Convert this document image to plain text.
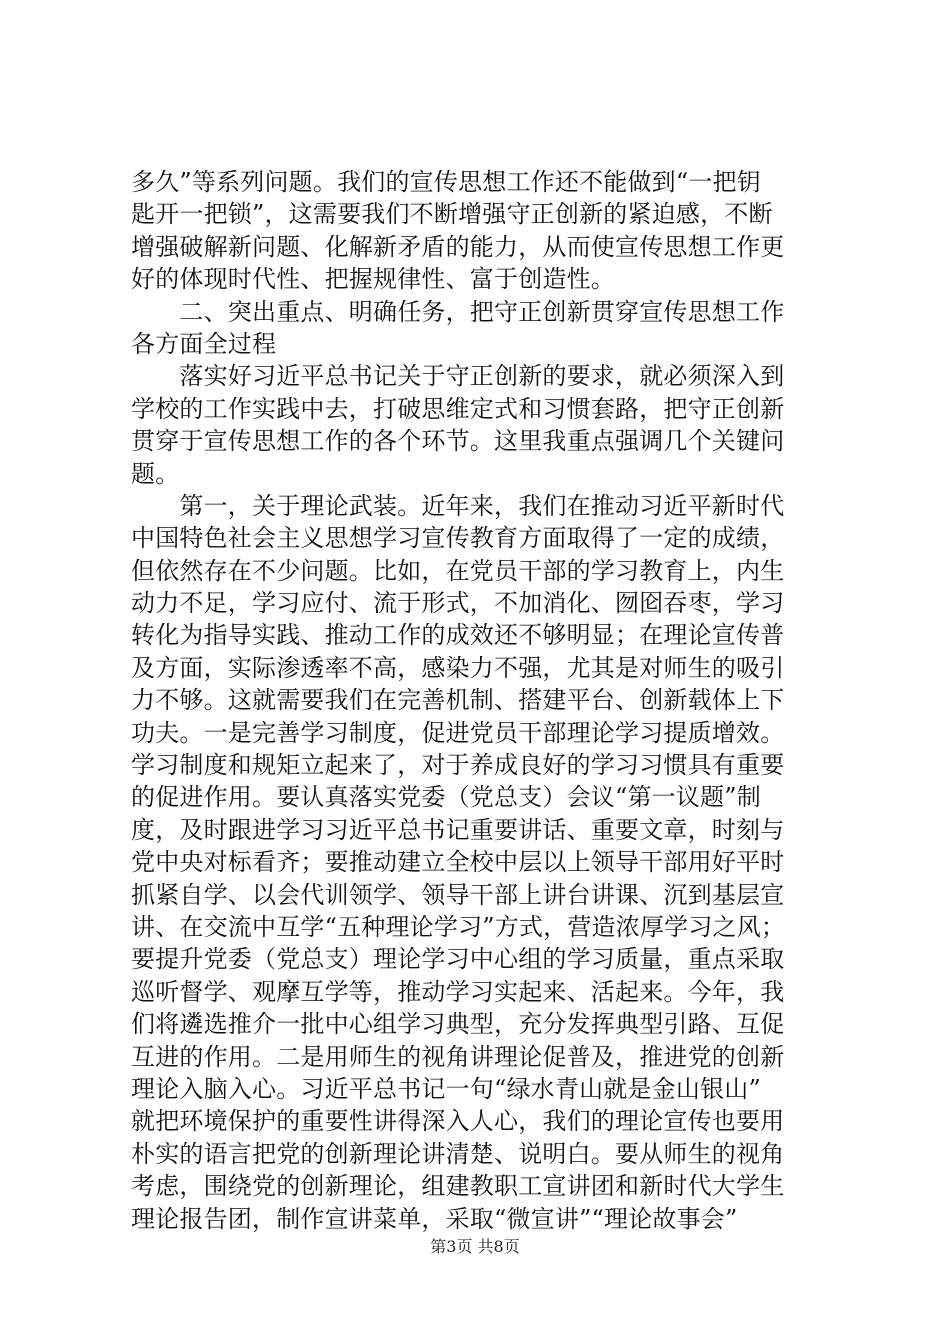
多久”等系列问题。我们的宣传思想工作还不能做到“一把钥
匙开一把锁”，这需要我们不断增强守正创新的紧迫感，不断
增强破解新问题、化解新矛盾的能力，从而使宣传思想工作更
好的体现时代性、把握规律性、富于创造性。
　　二、突出重点、明确任务，把守正创新贯穿宣传思想工作
各方面全过程
　　落实好习近平总书记关于守正创新的要求，就必须深入到
学校的工作实践中去，打破思维定式和习惯套路，把守正创新
贯穿于宣传思想工作的各个环节。这里我重点强调几个关键问
题。
　　第一，关于理论武装。近年来，我们在推动习近平新时代
中国特色社会主义思想学习宣传教育方面取得了一定的成绩，
但依然存在不少问题。比如，在党员干部的学习教育上，内生
动力不足，学习应付、流于形式，不加消化、囫囵吞枣，学习
转化为指导实践、推动工作的成效还不够明显；在理论宣传普
及方面，实际渗透率不高，感染力不强，尤其是对师生的吸引
力不够。这就需要我们在完善机制、搭建平台、创新载体上下
功夫。一是完善学习制度，促进党员干部理论学习提质增效。
学习制度和规矩立起来了，对于养成良好的学习习惯具有重要
的促进作用。要认真落实党委（党总支）会议“第一议题”制
度，及时跟进学习习近平总书记重要讲话、重要文章，时刻与
党中央对标看齐；要推动建立全校中层以上领导干部用好平时
抓紧自学、以会代训领学、领导干部上讲台讲课、沉到基层宣
讲、在交流中互学“五种理论学习”方式，营造浓厚学习之风；
要提升党委（党总支）理论学习中心组的学习质量，重点采取
巡听督学、观摩互学等，推动学习实起来、活起来。今年，我
们将遴选推介一批中心组学习典型，充分发挥典型引路、互促
互进的作用。二是用师生的视角讲理论促普及，推进党的创新
理论入脑入心。习近平总书记一句“绿水青山就是金山银山”
就把环境保护的重要性讲得深入人心，我们的理论宣传也要用
朴实的语言把党的创新理论讲清楚、说明白。要从师生的视角
考虑，围绕党的创新理论，组建教职工宣讲团和新时代大学生
理论报告团，制作宣讲菜单，采取“微宣讲”“理论故事会”
第3页 共8页
